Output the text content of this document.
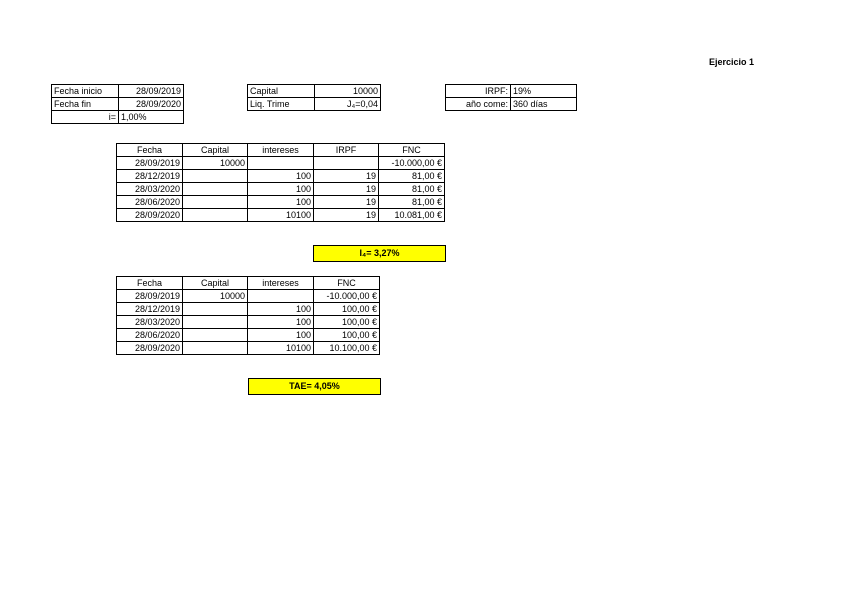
Ejercicio 1
Fecha inicio	28/09/2019
Fecha fin	28/09/2020
i=	1,00%
Capital	10000
Liq. Trime	J₄=0,04
IRPF:	19%
año come:	360 días
Fecha	Capital	intereses	IRPF	FNC
28/09/2019	10000			-10.000,00 €
28/12/2019		100	19	81,00 €
28/03/2020		100	19	81,00 €
28/06/2020		100	19	81,00 €
28/09/2020		10100	19	10.081,00 €
I₄= 3,27%
Fecha	Capital	intereses	FNC
28/09/2019	10000		-10.000,00 €
28/12/2019		100	100,00 €
28/03/2020		100	100,00 €
28/06/2020		100	100,00 €
28/09/2020		10100	10.100,00 €
TAE= 4,05%
